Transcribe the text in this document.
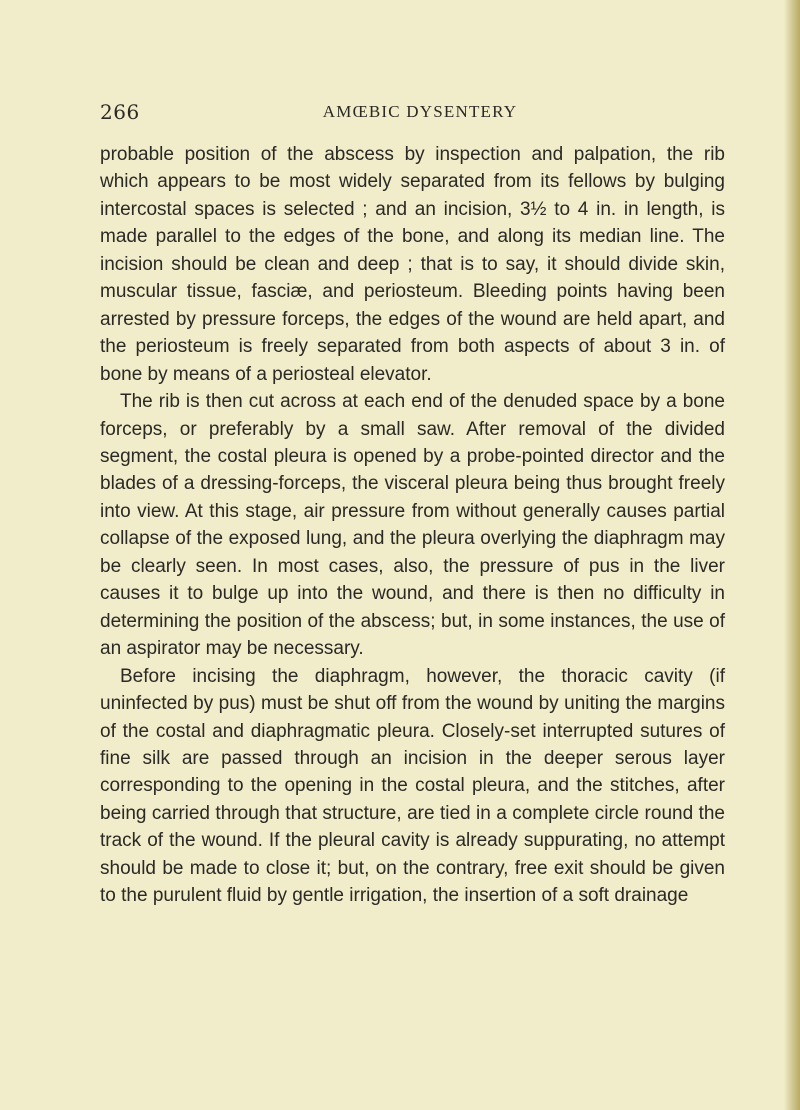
266	AMŒBIC DYSENTERY

probable position of the abscess by inspection and palpation, the rib which appears to be most widely separated from its fellows by bulging intercostal spaces is selected ; and an incision, 3½ to 4 in. in length, is made parallel to the edges of the bone, and along its median line. The incision should be clean and deep ; that is to say, it should divide skin, muscular tissue, fasciæ, and periosteum. Bleeding points having been arrested by pressure forceps, the edges of the wound are held apart, and the periosteum is freely separated from both aspects of about 3 in. of bone by means of a periosteal elevator.

The rib is then cut across at each end of the denuded space by a bone forceps, or preferably by a small saw. After removal of the divided segment, the costal pleura is opened by a probe-pointed director and the blades of a dressing-forceps, the visceral pleura being thus brought freely into view. At this stage, air pressure from without generally causes partial collapse of the exposed lung, and the pleura overlying the diaphragm may be clearly seen. In most cases, also, the pressure of pus in the liver causes it to bulge up into the wound, and there is then no difficulty in determining the position of the abscess; but, in some instances, the use of an aspirator may be necessary.

Before incising the diaphragm, however, the thoracic cavity (if uninfected by pus) must be shut off from the wound by uniting the margins of the costal and diaphragmatic pleura. Closely-set interrupted sutures of fine silk are passed through an incision in the deeper serous layer corresponding to the opening in the costal pleura, and the stitches, after being carried through that structure, are tied in a complete circle round the track of the wound. If the pleural cavity is already suppurating, no attempt should be made to close it; but, on the contrary, free exit should be given to the purulent fluid by gentle irrigation, the insertion of a soft drainage
